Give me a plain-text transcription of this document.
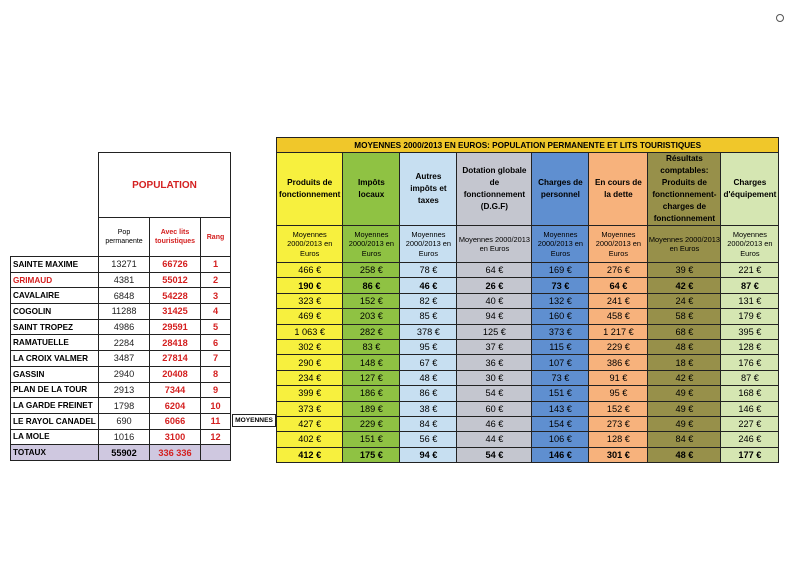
	POPULATION		
	Pop permanente	Avec lits touristiques	Rang
SAINTE MAXIME	13271	66726	1
GRIMAUD	4381	55012	2
CAVALAIRE	6848	54228	3
COGOLIN	11288	31425	4
SAINT TROPEZ	4986	29591	5
RAMATUELLE	2284	28418	6
LA CROIX VALMER	3487	27814	7
GASSIN	2940	20408	8
PLAN DE LA TOUR	2913	7344	9
LA GARDE FREINET	1798	6204	10
LE RAYOL CANADEL	690	6066	11
LA MOLE	1016	3100	12
TOTAUX	55902	336 336	
MOYENNES
MOYENNES 2000/2013 EN EUROS: POPULATION PERMANENTE ET LITS TOURISTIQUES							
Produits de fonctionnement	Impôts locaux	Autres impôts et taxes	Dotation globale de fonctionnement (D.G.F)	Charges de personnel	En cours de la dette	Résultats comptables: Produits de fonctionnement- charges de fonctionnement	Charges d'équipement
Moyennes 2000/2013 en Euros	Moyennes 2000/2013 en Euros	Moyennes 2000/2013 en Euros	Moyennes 2000/2013 en Euros	Moyennes 2000/2013 en Euros	Moyennes 2000/2013 en Euros	Moyennes 2000/2013 en Euros	Moyennes 2000/2013 en Euros
466 €	258 €	78 €	64 €	169 €	276 €	39 €	221 €
190 €	86 €	46 €	26 €	73 €	64 €	42 €	87 €
323 €	152 €	82 €	40 €	132 €	241 €	24 €	131 €
469 €	203 €	85 €	94 €	160 €	458 €	58 €	179 €
1 063 €	282 €	378 €	125 €	373 €	1 217 €	68 €	395 €
302 €	83 €	95 €	37 €	115 €	229 €	48 €	128 €
290 €	148 €	67 €	36 €	107 €	386 €	18 €	176 €
234 €	127 €	48 €	30 €	73 €	91 €	42 €	87 €
399 €	186 €	86 €	54 €	151 €	95 €	49 €	168 €
373 €	189 €	38 €	60 €	143 €	152 €	49 €	146 €
427 €	229 €	84 €	46 €	154 €	273 €	49 €	227 €
402 €	151 €	56 €	44 €	106 €	128 €	84 €	246 €
412 €	175 €	94 €	54 €	146 €	301 €	48 €	177 €
